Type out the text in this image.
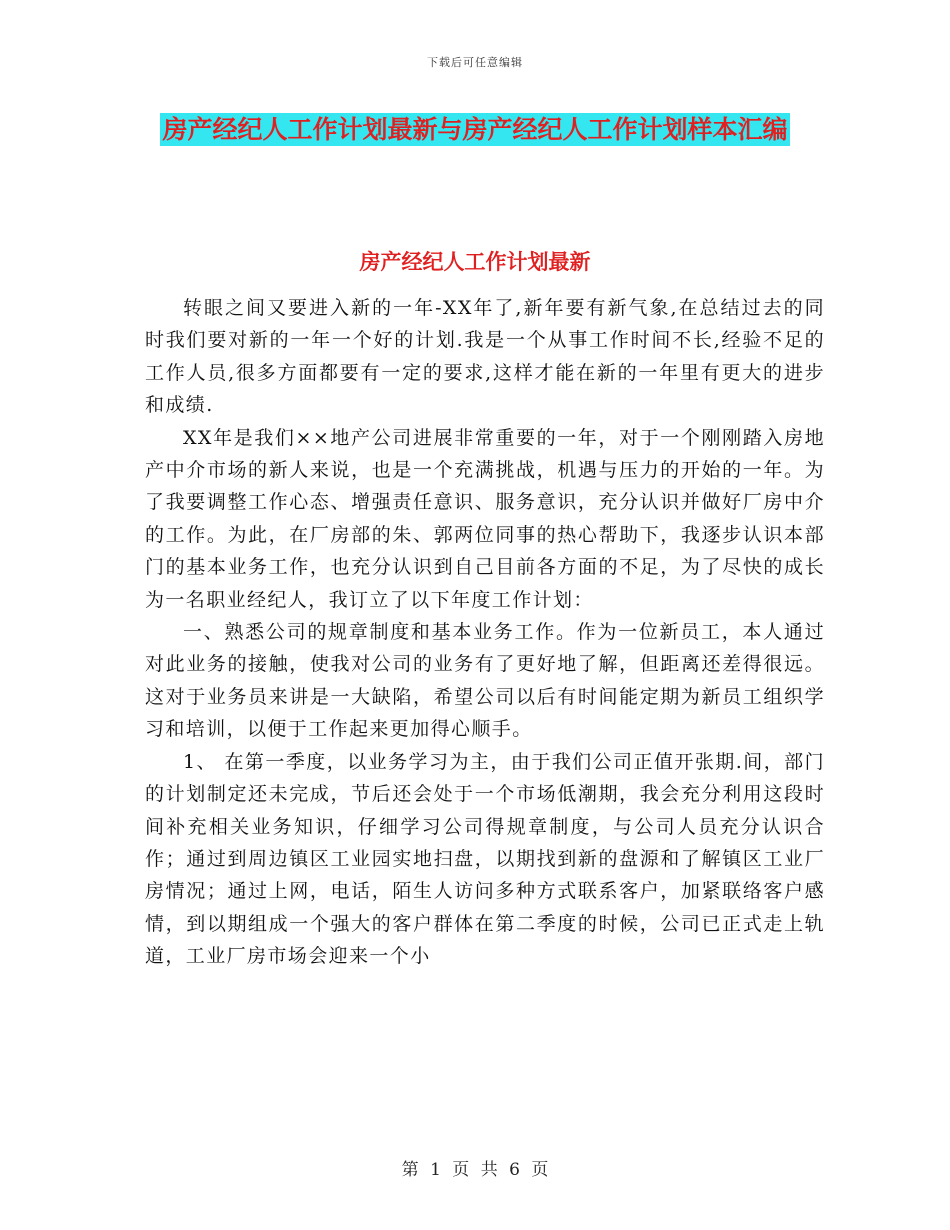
下载后可任意编辑
房产经纪人工作计划最新与房产经纪人工作计划样本汇编
房产经纪人工作计划最新

转眼之间又要进入新的一年-XX年了,新年要有新气象,在总结过去的同时我们要对新的一年一个好的计划.我是一个从事工作时间不长,经验不足的工作人员,很多方面都要有一定的要求,这样才能在新的一年里有更大的进步和成绩.

XX年是我们××地产公司进展非常重要的一年，对于一个刚刚踏入房地产中介市场的新人来说，也是一个充满挑战，机遇与压力的开始的一年。为了我要调整工作心态、增强责任意识、服务意识，充分认识并做好厂房中介的工作。为此，在厂房部的朱、郭两位同事的热心帮助下，我逐步认识本部门的基本业务工作，也充分认识到自己目前各方面的不足，为了尽快的成长为一名职业经纪人，我订立了以下年度工作计划：

一、熟悉公司的规章制度和基本业务工作。作为一位新员工，本人通过对此业务的接触，使我对公司的业务有了更好地了解，但距离还差得很远。这对于业务员来讲是一大缺陷，希望公司以后有时间能定期为新员工组织学习和培训，以便于工作起来更加得心顺手。

1、 在第一季度，以业务学习为主，由于我们公司正值开张期.间，部门的计划制定还未完成，节后还会处于一个市场低潮期，我会充分利用这段时间补充相关业务知识，仔细学习公司得规章制度，与公司人员充分认识合作；通过到周边镇区工业园实地扫盘，以期找到新的盘源和了解镇区工业厂房情况；通过上网，电话，陌生人访问多种方式联系客户，加紧联络客户感情，到以期组成一个强大的客户群体在第二季度的时候，公司已正式走上轨道，工业厂房市场会迎来一个小

第 1 页 共 6 页
